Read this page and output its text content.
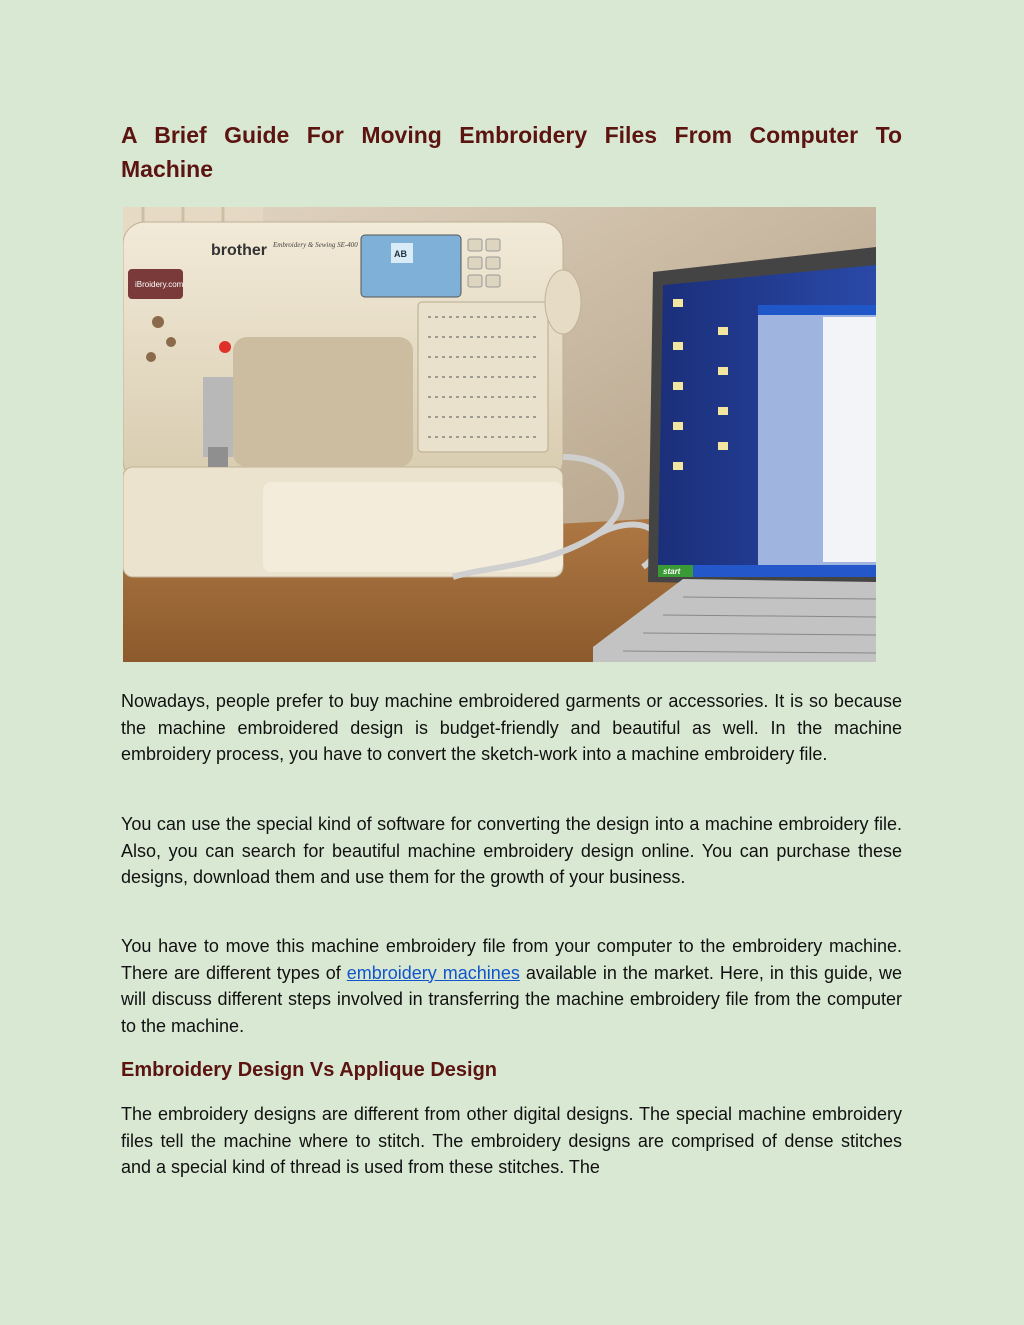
A Brief Guide For Moving Embroidery Files From Computer To Machine
iBroidery.com
brother Embroidery & Sewing SE-400
AB
start

Nowadays, people prefer to buy machine embroidered garments or accessories. It is so because the machine embroidered design is budget-friendly and beautiful as well. In the machine embroidery process, you have to convert the sketch-work into a machine embroidery file.

You can use the special kind of software for converting the design into a machine embroidery file. Also, you can search for beautiful machine embroidery design online. You can purchase these designs, download them and use them for the growth of your business.

You have to move this machine embroidery file from your computer to the embroidery machine. There are different types of embroidery machines available in the market. Here, in this guide, we will discuss different steps involved in transferring the machine embroidery file from the computer to the machine.

Embroidery Design Vs Applique Design

The embroidery designs are different from other digital designs. The special machine embroidery files tell the machine where to stitch. The embroidery designs are comprised of dense stitches and a special kind of thread is used from these stitches. The
